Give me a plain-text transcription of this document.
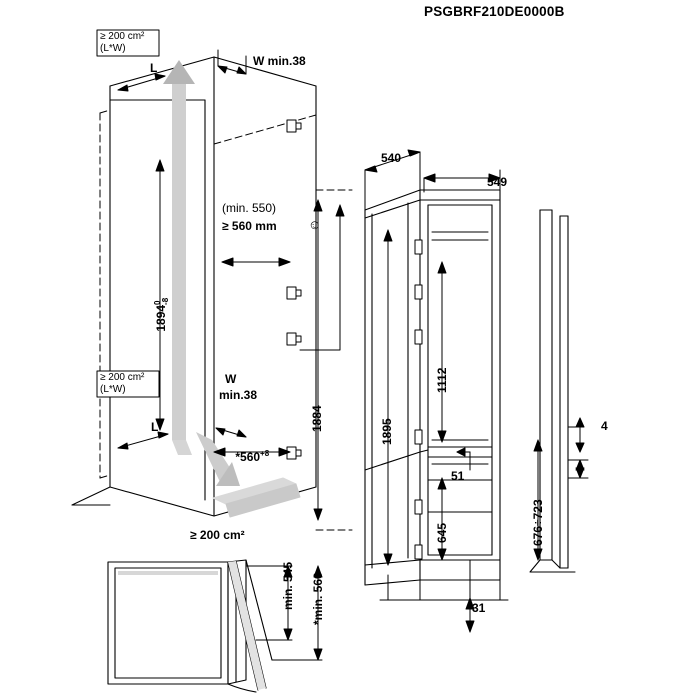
PSGBRF210DE0000B
≥ 200 cm²
(L*W)
≥ 200 cm²
(L*W)
L
L
W min.38
W
min.38
(min. 550)
≥ 560 mm ☺

1894
0 -8

$*560^{+8}$

≥ 200 cm²
1884
540
549
1895
1112
51
645
31
4
676÷723
min. 545 *min. 560
